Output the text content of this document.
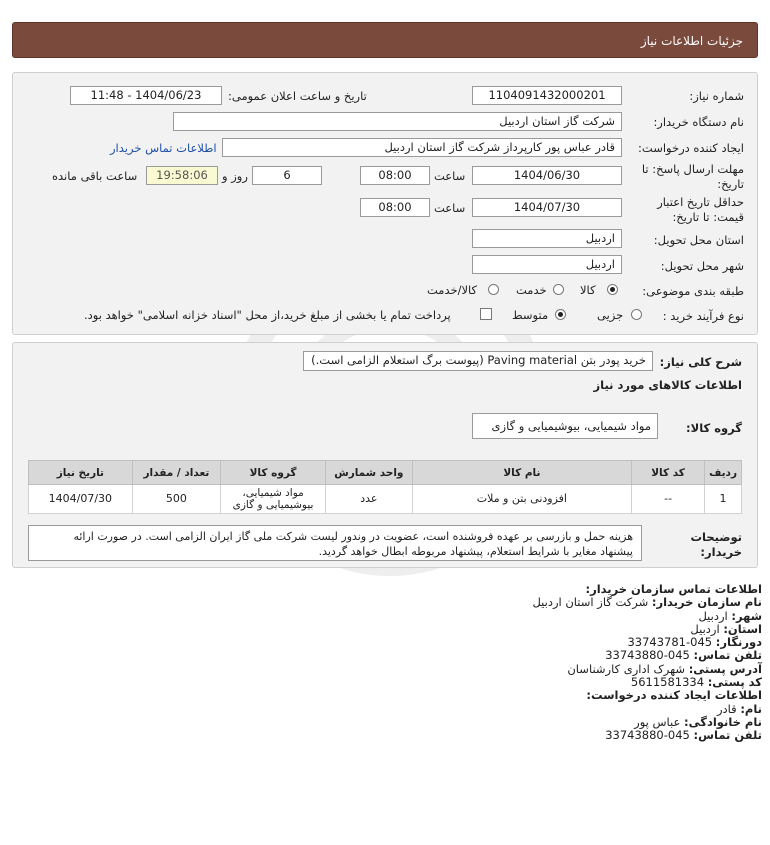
جزئیات اطلاعات نیاز
شماره نیاز:
1104091432000201
تاریخ و ساعت اعلان عمومی:
1404/06/23 - 11:48
نام دستگاه خریدار:
شرکت گاز استان اردبیل
ایجاد کننده درخواست:
قادر عباس پور کارپرداز شرکت گاز استان اردبیل
اطلاعات تماس خریدار
مهلت ارسال پاسخ: تا
تاریخ:
1404/06/30
ساعت
08:00
6
روز و
19:58:06
ساعت باقی مانده
حداقل تاریخ اعتبار
قیمت: تا تاریخ:
1404/07/30
ساعت
08:00
استان محل تحویل:
اردبیل
شهر محل تحویل:
اردبیل
طبقه بندی موضوعی:
کالا
خدمت
کالا/خدمت
نوع فرآیند خرید :
جزیی
متوسط
پرداخت تمام یا بخشی از مبلغ خرید،از محل "اسناد خزانه اسلامی" خواهد بود.
شرح کلی نیاز:
خرید پودر بتن Paving material (پیوست برگ استعلام الزامی است.)
اطلاعات کالاهای مورد نیاز
گروه کالا:
مواد شیمیایی، بیوشیمیایی و گازی
ردیف	کد کالا	نام کالا	واحد شمارش	گروه کالا	تعداد / مقدار	تاریخ نیاز
1	--	افزودنی بتن و ملات	عدد	مواد شیمیایی، بیوشیمیایی و گازی	500	1404/07/30
توضیحات
خریدار:
هزینه حمل و بازرسی بر عهده فروشنده است، عضویت در وندور لیست شرکت ملی گاز ایران الزامی است. در صورت ارائه
پیشنهاد مغایر با شرایط استعلام، پیشنهاد مربوطه ابطال خواهد گردید.
اطلاعات تماس سازمان خریدار:
نام سازمان خریدار: شرکت گاز استان اردبیل
شهر: اردبیل
استان: اردبیل
دورنگار: 045-33743781
تلفن تماس: 045-33743880
آدرس پستی: شهرک اداری کارشناسان
کد پستی: 5611581334
اطلاعات ایجاد کننده درخواست:
نام: قادر
نام خانوادگی: عباس پور
تلفن تماس: 045-33743880
